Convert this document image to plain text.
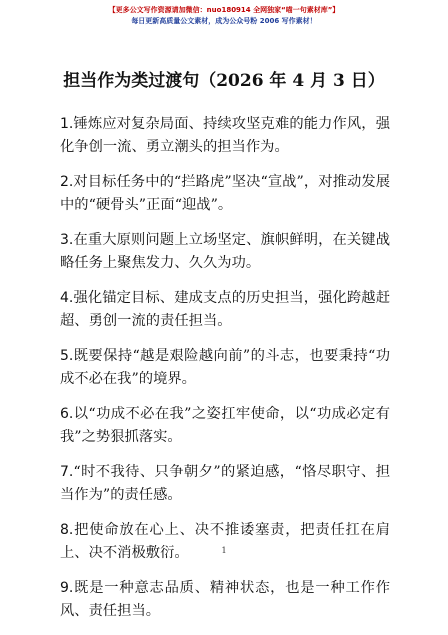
【更多公文写作资源请加微信：nuo180914 全网独家“喵一句素材库”】
每日更新高质量公文素材，成为公众号粉 2006 写作素材！
担当作为类过渡句（2026 年 4 月 3 日）

1.锤炼应对复杂局面、持续攻坚克难的能力作风，强化争创一流、勇立潮头的担当作为。

2.对目标任务中的“拦路虎”坚决“宣战”，对推动发展中的“硬骨头”正面“迎战”。

3.在重大原则问题上立场坚定、旗帜鲜明，在关键战略任务上聚焦发力、久久为功。

4.强化锚定目标、建成支点的历史担当，强化跨越赶超、勇创一流的责任担当。

5.既要保持“越是艰险越向前”的斗志，也要秉持“功成不必在我”的境界。

6.以“功成不必在我”之姿扛牢使命，以“功成必定有我”之势狠抓落实。

7.“时不我待、只争朝夕”的紧迫感，“恪尽职守、担当作为”的责任感。

8.把使命放在心上、决不推诿塞责，把责任扛在肩上、决不消极敷衍。

9.既是一种意志品质、精神状态，也是一种工作作风、责任担当。

1
